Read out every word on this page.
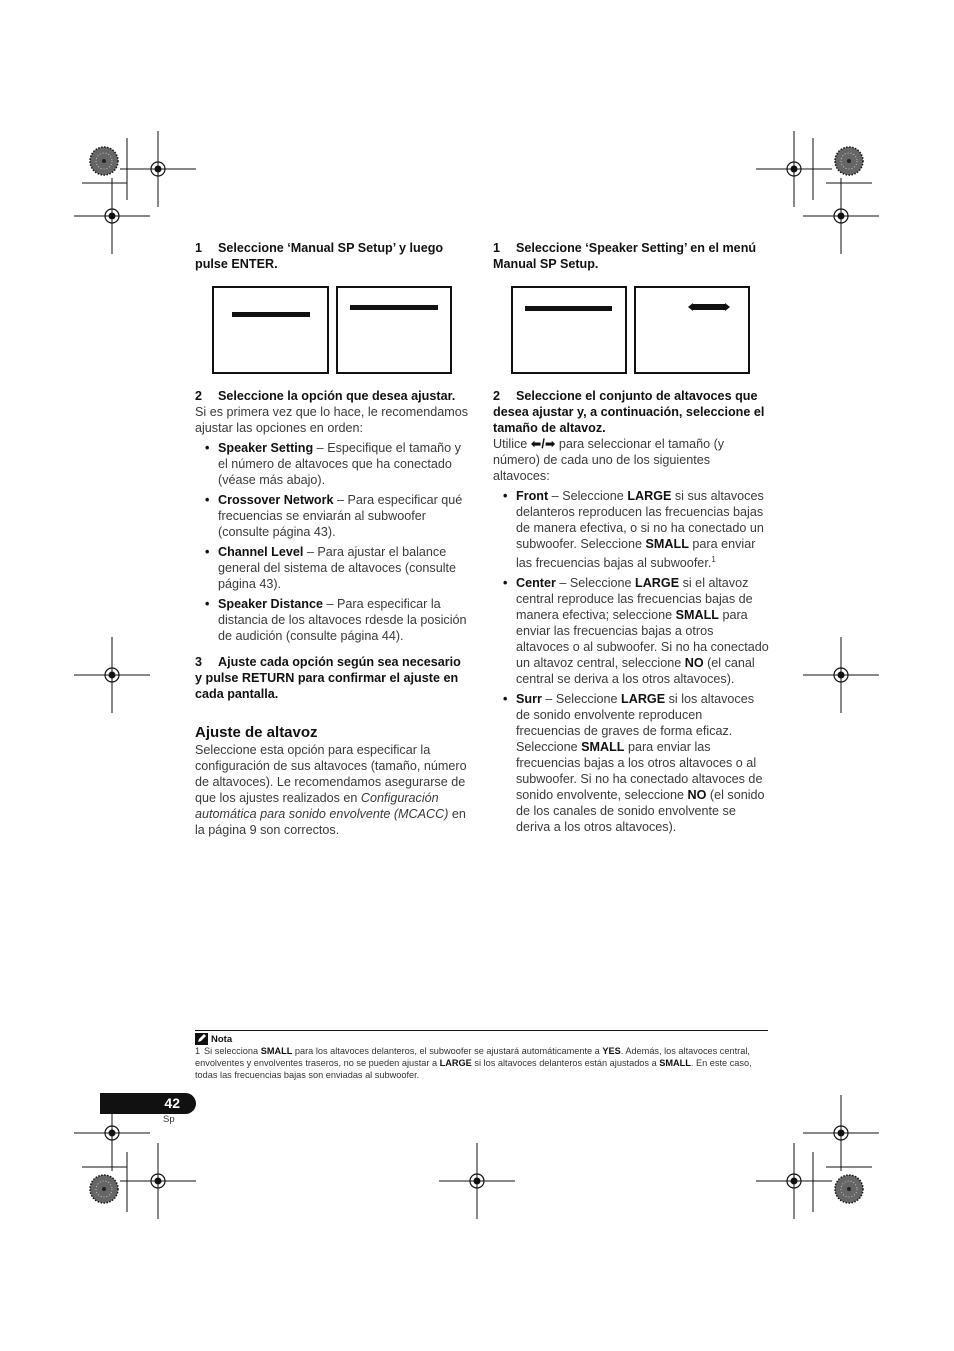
1 Seleccione ‘Manual SP Setup’ y luego pulse ENTER.
2 Seleccione la opción que desea ajustar.

Si es primera vez que lo hace, le recomendamos ajustar las opciones en orden:

• Speaker Setting – Especifique el tamaño y el número de altavoces que ha conectado (véase más abajo).
• Crossover Network – Para especificar qué frecuencias se enviarán al subwoofer (consulte página 43).
• Channel Level – Para ajustar el balance general del sistema de altavoces (consulte página 43).
• Speaker Distance – Para especificar la distancia de los altavoces rdesde la posición de audición (consulte página 44).
3 Ajuste cada opción según sea necesario y pulse RETURN para confirmar el ajuste en cada pantalla.
Ajuste de altavoz

Seleccione esta opción para especificar la configuración de sus altavoces (tamaño, número de altavoces). Le recomendamos asegurarse de que los ajustes realizados en Configuración automática para sonido envolvente (MCACC) en la página 9 son correctos.

1 Seleccione ‘Speaker Setting’ en el menú Manual SP Setup.
2 Seleccione el conjunto de altavoces que desea ajustar y, a continuación, seleccione el tamaño de altavoz.

Utilice ⬅/➡ para seleccionar el tamaño (y número) de cada uno de los siguientes altavoces:

• Front – Seleccione LARGE si sus altavoces delanteros reproducen las frecuencias bajas de manera efectiva, o si no ha conectado un subwoofer. Seleccione SMALL para enviar las frecuencias bajas al subwoofer.$^1$
• Center – Seleccione LARGE si el altavoz central reproduce las frecuencias bajas de manera efectiva; seleccione SMALL para enviar las frecuencias bajas a otros altavoces o al subwoofer. Si no ha conectado un altavoz central, seleccione NO (el canal central se deriva a los otros altavoces).
• Surr – Seleccione LARGE si los altavoces de sonido envolvente reproducen frecuencias de graves de forma eficaz. Seleccione SMALL para enviar las frecuencias bajas a los otros altavoces o al subwoofer. Si no ha conectado altavoces de sonido envolvente, seleccione NO (el sonido de los canales de sonido envolvente se deriva a los otros altavoces).
Nota
1 Si selecciona SMALL para los altavoces delanteros, el subwoofer se ajustará automáticamente a YES. Además, los altavoces central, envolventes y envolventes traseros, no se pueden ajustar a LARGE si los altavoces delanteros están ajustados a SMALL. En este caso, todas las frecuencias bajas son enviadas al subwoofer.
42
Sp
